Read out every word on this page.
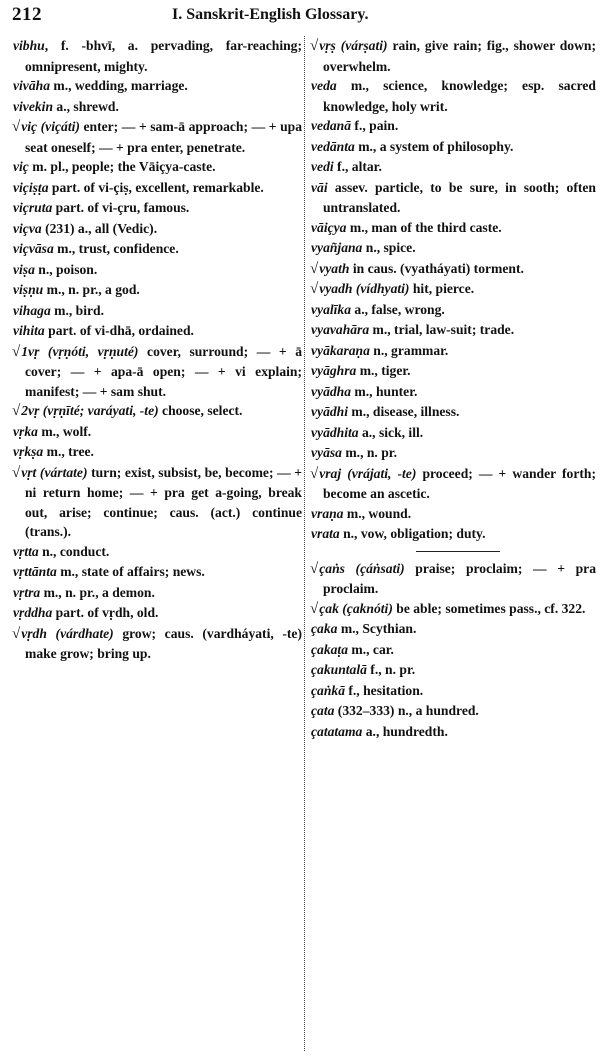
212	I. Sanskrit-English Glossary.

vibhu, f. -bhvī, a. pervading, far-reaching; omnipresent, mighty.

vivāha m., wedding, marriage.

vivekin a., shrewd.

√viç (viçáti) enter; — + sam-ā approach; — + upa seat oneself; — + pra enter, penetrate.

viç m. pl., people; the Vāiçya-caste.

viçiṣṭa part. of vi-çiṣ, excellent, remarkable.

viçruta part. of vi-çru, famous.

viçva (231) a., all (Vedic).

viçvāsa m., trust, confidence.

viṣa n., poison.

viṣṇu m., n. pr., a god.

vihaga m., bird.

vihita part. of vi-dhā, ordained.

√1vṛ (vṛṇóti, vṛṇuté) cover, surround; — + ā cover; — + apa-ā open; — + vi explain; manifest; — + sam shut.

√2vṛ (vṛṇīté; varáyati, -te) choose, select.

vṛka m., wolf.

vṛkṣa m., tree.

√vṛt (vártate) turn; exist, subsist, be, become; — + ni return home; — + pra get a-going, break out, arise; continue; caus. (act.) continue (trans.).

vṛtta n., conduct.

vṛttānta m., state of affairs; news.

vṛtra m., n. pr., a demon.

vṛddha part. of vṛdh, old.

√vṛdh (várdhate) grow; caus. (vardháyati, -te) make grow; bring up.

√vṛṣ (várṣati) rain, give rain; fig., shower down; overwhelm.

veda m., science, knowledge; esp. sacred knowledge, holy writ.

vedanā f., pain.

vedānta m., a system of philosophy.

vedi f., altar.

vāi assev. particle, to be sure, in sooth; often untranslated.

vāiçya m., man of the third caste.

vyañjana n., spice.

√vyath in caus. (vyatháyati) torment.

√vyadh (vídhyati) hit, pierce.

vyalīka a., false, wrong.

vyavahāra m., trial, law-suit; trade.

vyākaraṇa n., grammar.

vyāghra m., tiger.

vyādha m., hunter.

vyādhi m., disease, illness.

vyādhita a., sick, ill.

vyāsa m., n. pr.

√vraj (vrájati, -te) proceed; — + wander forth; become an ascetic.

vraṇa m., wound.

vrata n., vow, obligation; duty.

√çaṅs (çáṅsati) praise; proclaim; — + pra proclaim.

√çak (çaknóti) be able; sometimes pass., cf. 322.

çaka m., Scythian.

çakaṭa m., car.

çakuntalā f., n. pr.

çaṅkā f., hesitation.

çata (332–333) n., a hundred.

çatatama a., hundredth.
